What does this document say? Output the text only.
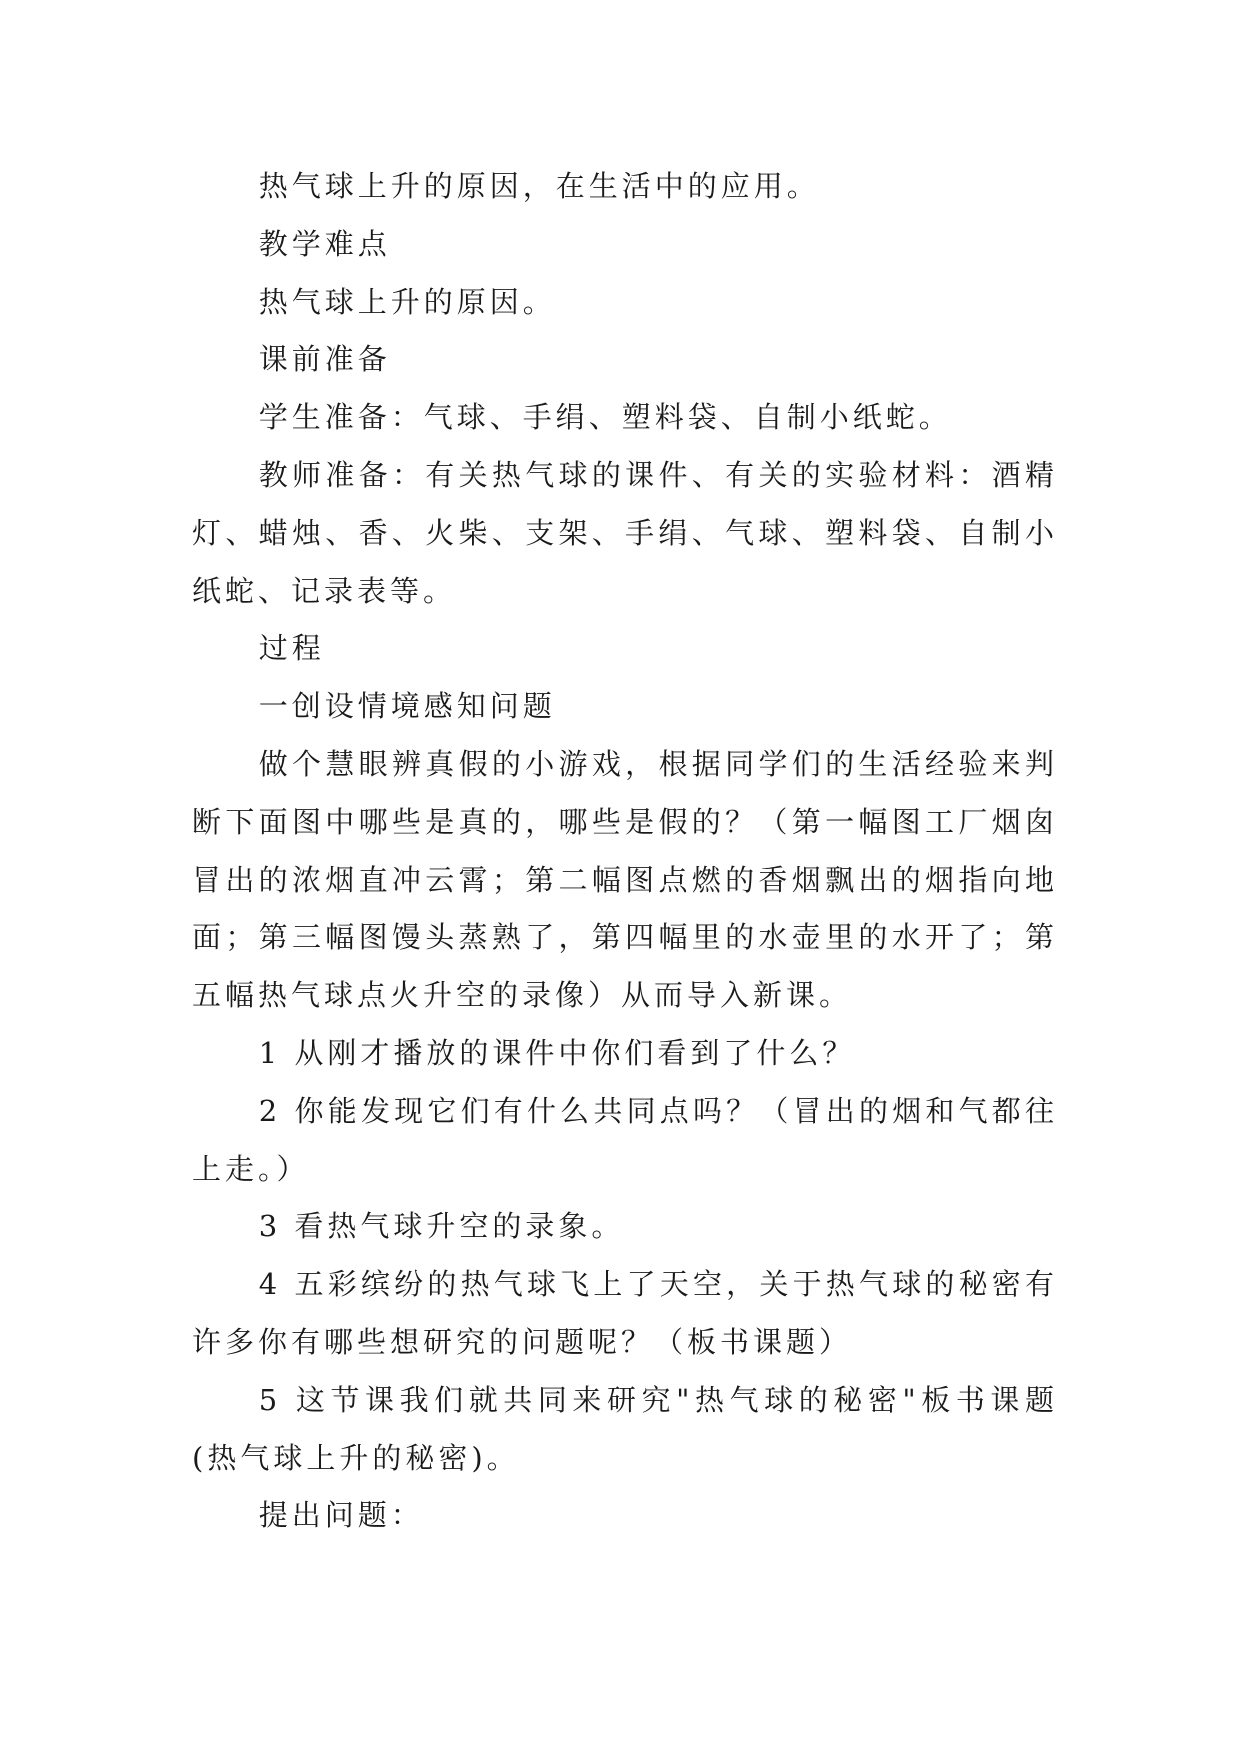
热气球上升的原因，在生活中的应用。

教学难点

热气球上升的原因。

课前准备

学生准备：气球、手绢、塑料袋、自制小纸蛇。

教师准备：有关热气球的课件、有关的实验材料：酒精灯、蜡烛、香、火柴、支架、手绢、气球、塑料袋、自制小纸蛇、记录表等。

过程

一创设情境感知问题

做个慧眼辨真假的小游戏，根据同学们的生活经验来判断下面图中哪些是真的，哪些是假的？（第一幅图工厂烟囱冒出的浓烟直冲云霄；第二幅图点燃的香烟飘出的烟指向地面；第三幅图馒头蒸熟了，第四幅里的水壶里的水开了；第五幅热气球点火升空的录像）从而导入新课。

1 从刚才播放的课件中你们看到了什么？

2 你能发现它们有什么共同点吗？（冒出的烟和气都往上走。）

3 看热气球升空的录象。

4 五彩缤纷的热气球飞上了天空，关于热气球的秘密有许多你有哪些想研究的问题呢？（板书课题）

5 这节课我们就共同来研究"热气球的秘密"板书课题(热气球上升的秘密)。

提出问题：
